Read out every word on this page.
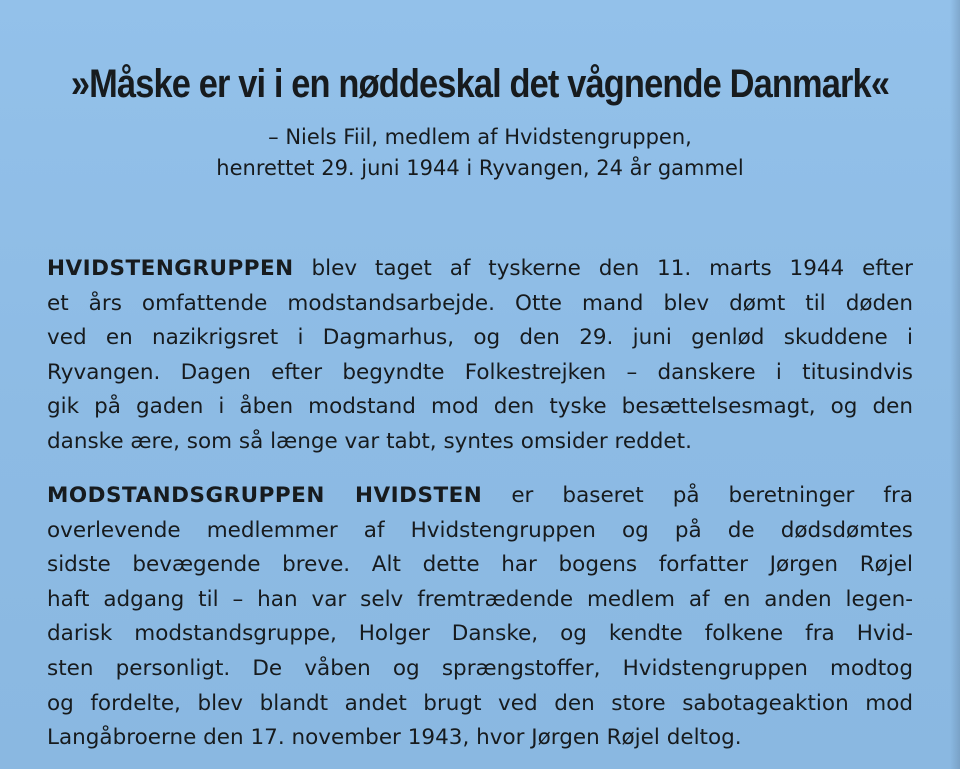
»Måske er vi i en nøddeskal det vågnende Danmark«
– Niels Fiil, medlem af Hvidstengruppen,
henrettet 29. juni 1944 i Ryvangen, 24 år gammel
HVIDSTENGRUPPEN blev taget af tyskerne den 11. marts 1944 efter
et års omfattende modstandsarbejde. Otte mand blev dømt til døden
ved en nazikrigsret i Dagmarhus, og den 29. juni genlød skuddene i
Ryvangen. Dagen efter begyndte Folkestrejken – danskere i titusindvis
gik på gaden i åben modstand mod den tyske besættelsesmagt, og den
danske ære, som så længe var tabt, syntes omsider reddet.
MODSTANDSGRUPPEN HVIDSTEN er baseret på beretninger fra
overlevende medlemmer af Hvidstengruppen og på de dødsdømtes
sidste bevægende breve. Alt dette har bogens forfatter Jørgen Røjel
haft adgang til – han var selv fremtrædende medlem af en anden legen-
darisk modstandsgruppe, Holger Danske, og kendte folkene fra Hvid-
sten personligt. De våben og sprængstoffer, Hvidstengruppen modtog
og fordelte, blev blandt andet brugt ved den store sabotageaktion mod
Langåbroerne den 17. november 1943, hvor Jørgen Røjel deltog.
